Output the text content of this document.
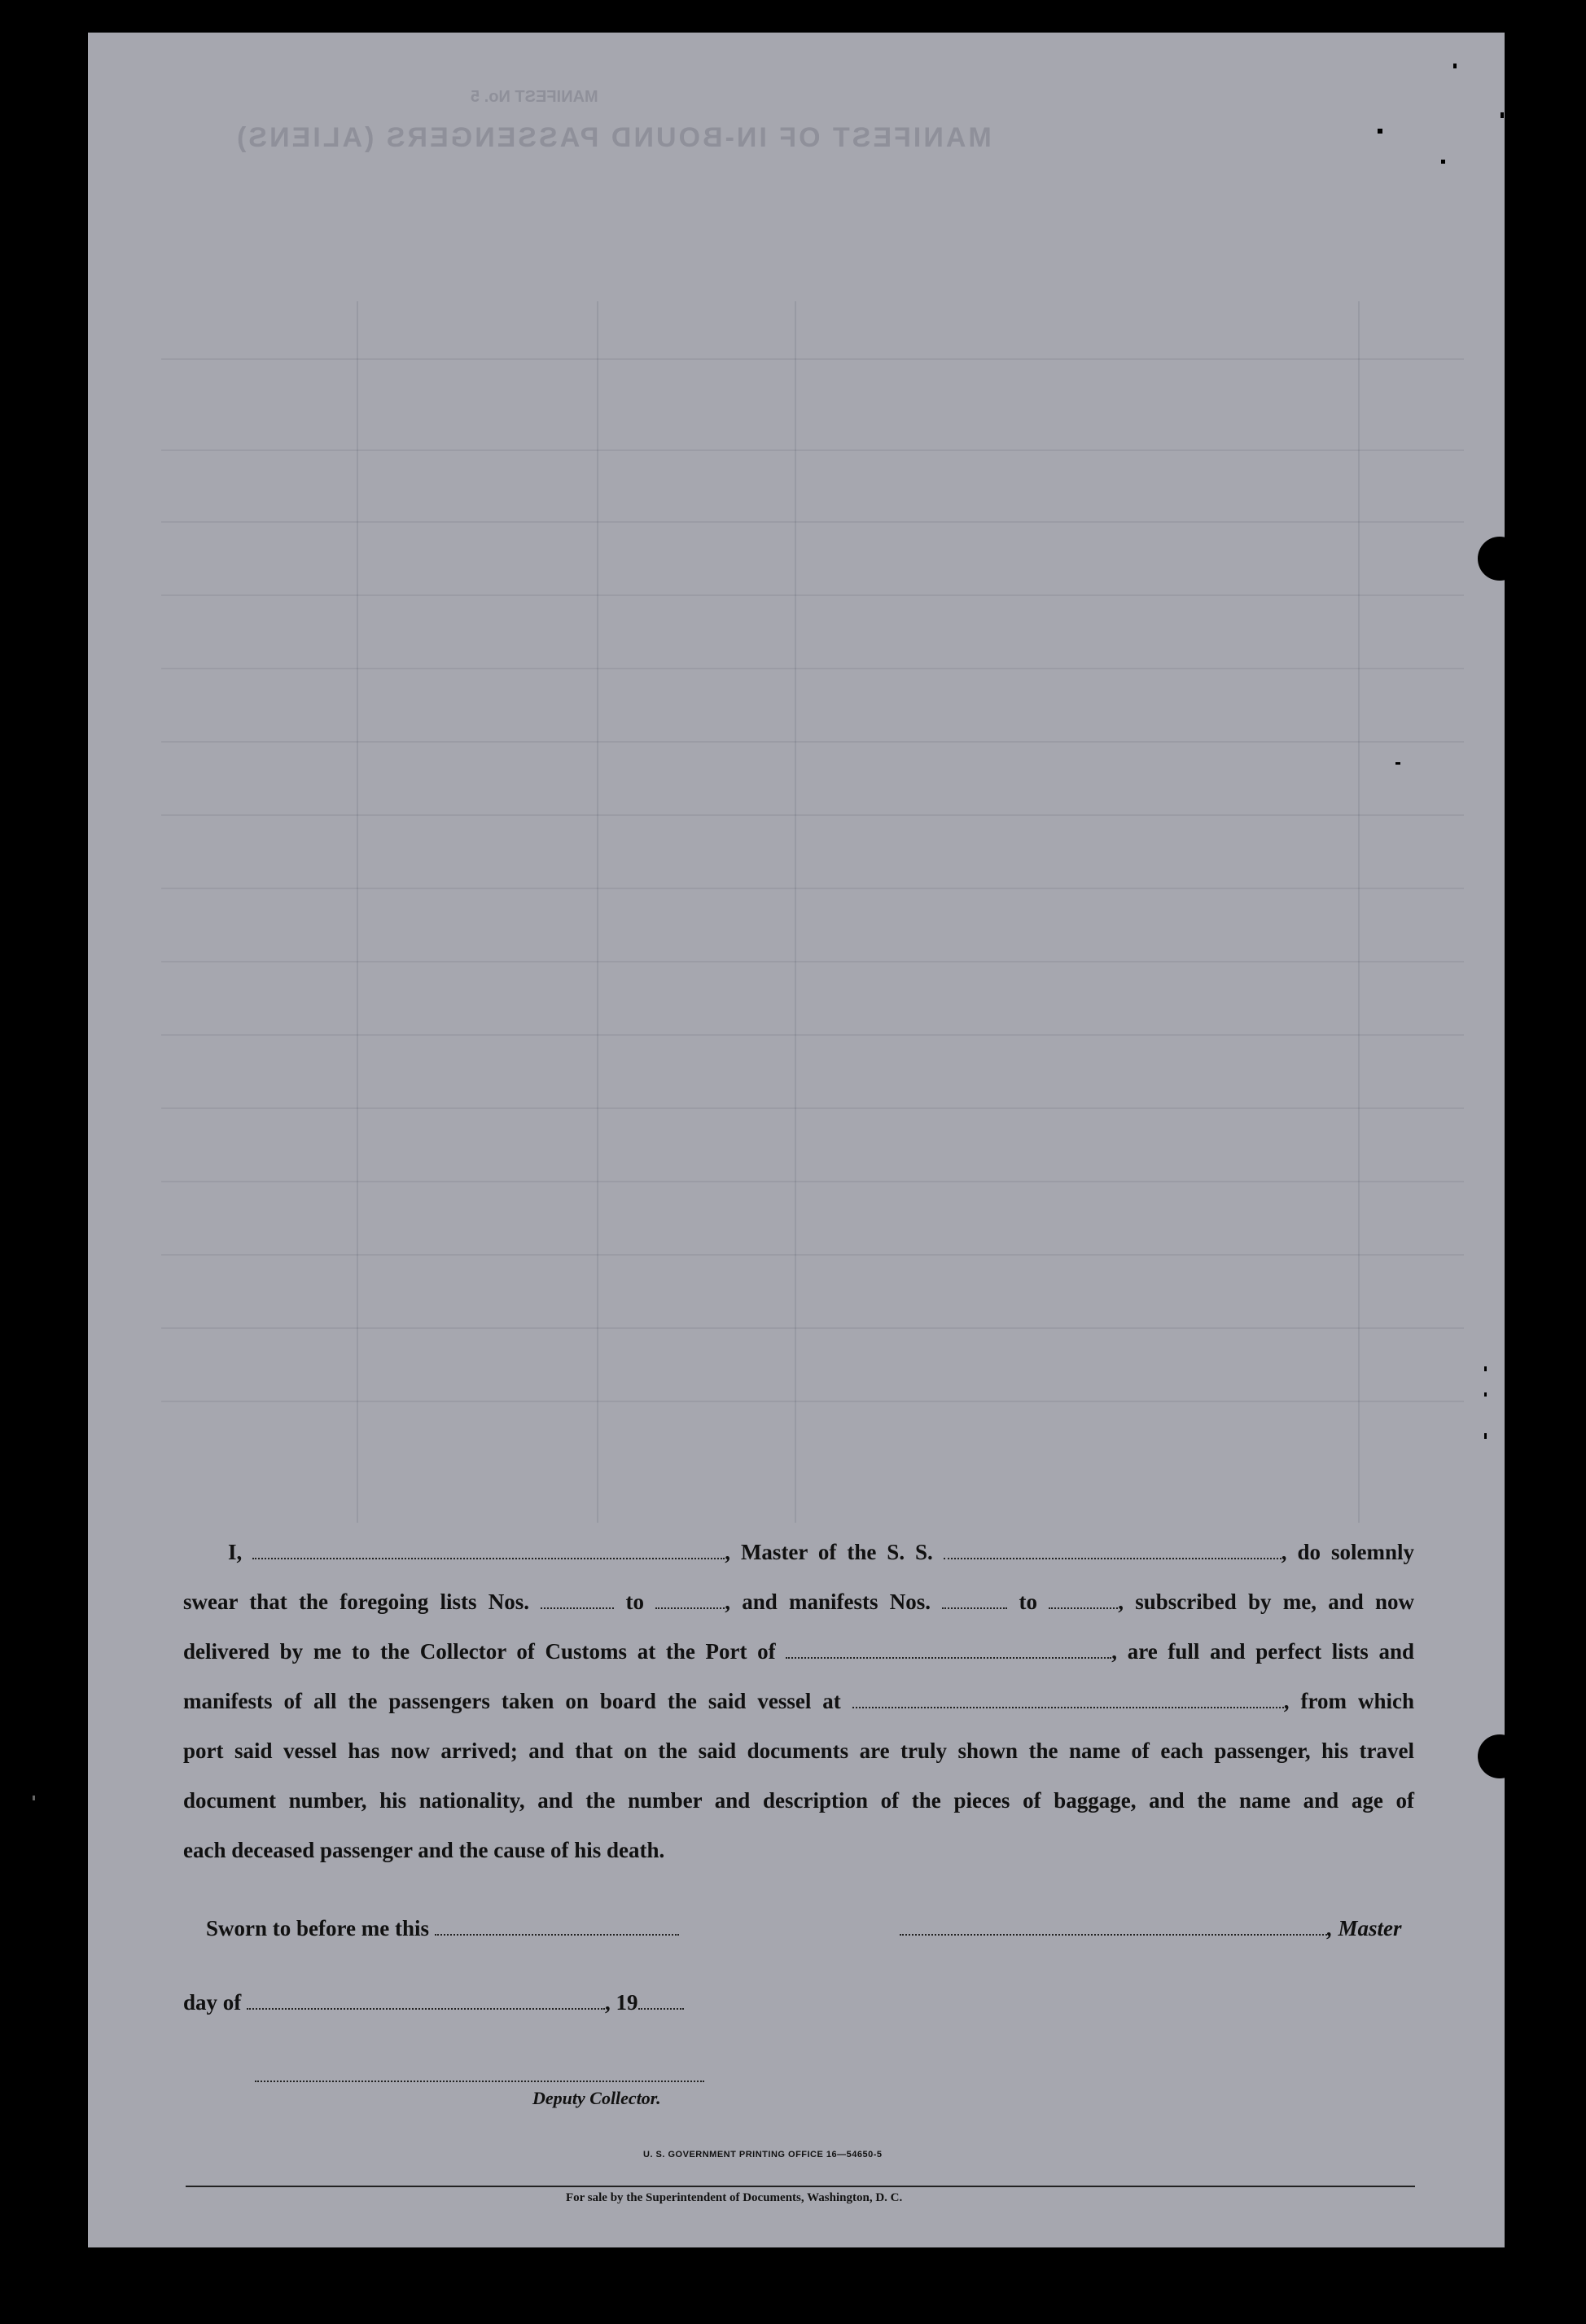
MANIFEST OF IN-BOUND PASSENGERS (ALIENS)
MANIFEST No. 5

I,	, Master of the S. S.	, do solemnly

swear that the foregoing lists Nos.	to	, and manifests Nos.	to	, subscribed by me, and now

delivered by me to the Collector of Customs at the Port of	, are full and perfect lists and

manifests of all the passengers taken on board the said vessel at	, from which

port said vessel has now arrived; and that on the said documents are truly shown the name of each passenger, his travel

document number, his nationality, and the number and description of the pieces of baggage, and the name and age of

each deceased passenger and the cause of his death.

Sworn to before me this	, Master
day of	, 19
Deputy Collector.
U. S. GOVERNMENT PRINTING OFFICE 16—54650-5
For sale by the Superintendent of Documents, Washington, D. C.
